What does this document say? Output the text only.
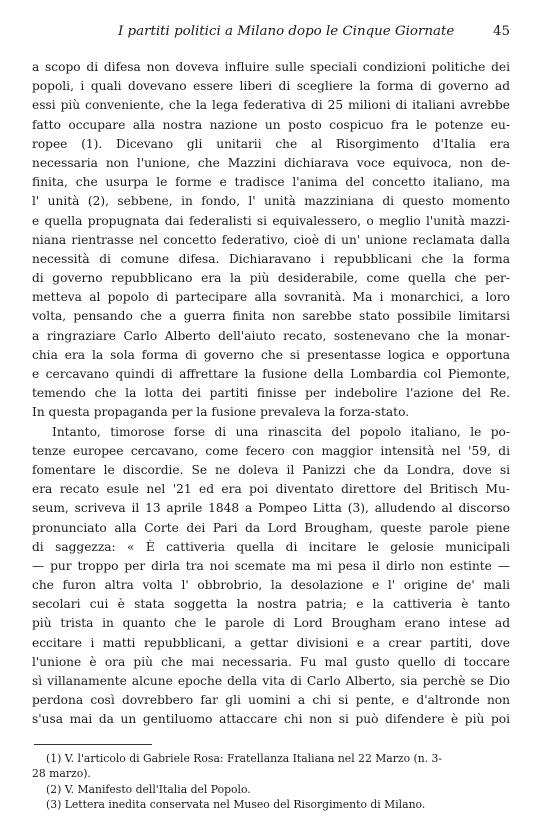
I partiti politici a Milano dopo le Cinque Giornate	45
a scopo di difesa non doveva influire sulle speciali condizioni politiche dei
popoli, i quali dovevano essere liberi di scegliere la forma di governo ad
essi più conveniente, che la lega federativa di 25 milioni di italiani avrebbe
fatto occupare alla nostra nazione un posto cospicuo fra le potenze eu-
ropee (1). Dicevano gli unitarii che al Risorgimento d'Italia era
necessaria non l'unione, che Mazzini dichiarava voce equivoca, non de-
finita, che usurpa le forme e tradisce l'anima del concetto italiano, ma
l' unità (2), sebbene, in fondo, l' unità mazziniana di questo momento
e quella propugnata dai federalisti si equivalessero, o meglio l'unità mazzi-
niana rientrasse nel concetto federativo, cioè di un' unione reclamata dalla
necessità di comune difesa. Dichiaravano i repubblicani che la forma
di governo repubblicano era la più desiderabile, come quella che per-
metteva al popolo di partecipare alla sovranità. Ma i monarchici, a loro
volta, pensando che a guerra finita non sarebbe stato possibile limitarsi
a ringraziare Carlo Alberto dell'aiuto recato, sostenevano che la monar-
chia era la sola forma di governo che si presentasse logica e opportuna
e cercavano quindi di affrettare la fusione della Lombardia col Piemonte,
temendo che la lotta dei partiti finisse per indebolire l'azione del Re.
In questa propaganda per la fusione prevaleva la forza-stato.
Intanto, timorose forse di una rinascita del popolo italiano, le po-
tenze europee cercavano, come fecero con maggior intensità nel '59, di
fomentare le discordie. Se ne doleva il Panizzi che da Londra, dove si
era recato esule nel '21 ed era poi diventato direttore del Britisch Mu-
seum, scriveva il 13 aprile 1848 a Pompeo Litta (3), alludendo al discorso
pronunciato alla Corte dei Pari da Lord Brougham, queste parole piene
di saggezza: « È cattiveria quella di incitare le gelosie municipali
— pur troppo per dirla tra noi scemate ma mi pesa il dirlo non estinte —
che furon altra volta l' obbrobrio, la desolazione e l' origine de' mali
secolari cui è stata soggetta la nostra patria; e la cattiveria è tanto
più trista in quanto che le parole di Lord Brougham erano intese ad
eccitare i matti repubblicani, a gettar divisioni e a crear partiti, dove
l'unione è ora più che mai necessaria. Fu mal gusto quello di toccare
sì villanamente alcune epoche della vita di Carlo Alberto, sia perchè se Dio
perdona così dovrebbero far gli uomini a chi si pente, e d'altronde non
s'usa mai da un gentiluomo attaccare chi non si può difendere è più poi
(1) V. l'articolo di Gabriele Rosa: Fratellanza Italiana nel 22 Marzo (n. 3-
28 marzo).
(2) V. Manifesto dell'Italia del Popolo.
(3) Lettera inedita conservata nel Museo del Risorgimento di Milano.
